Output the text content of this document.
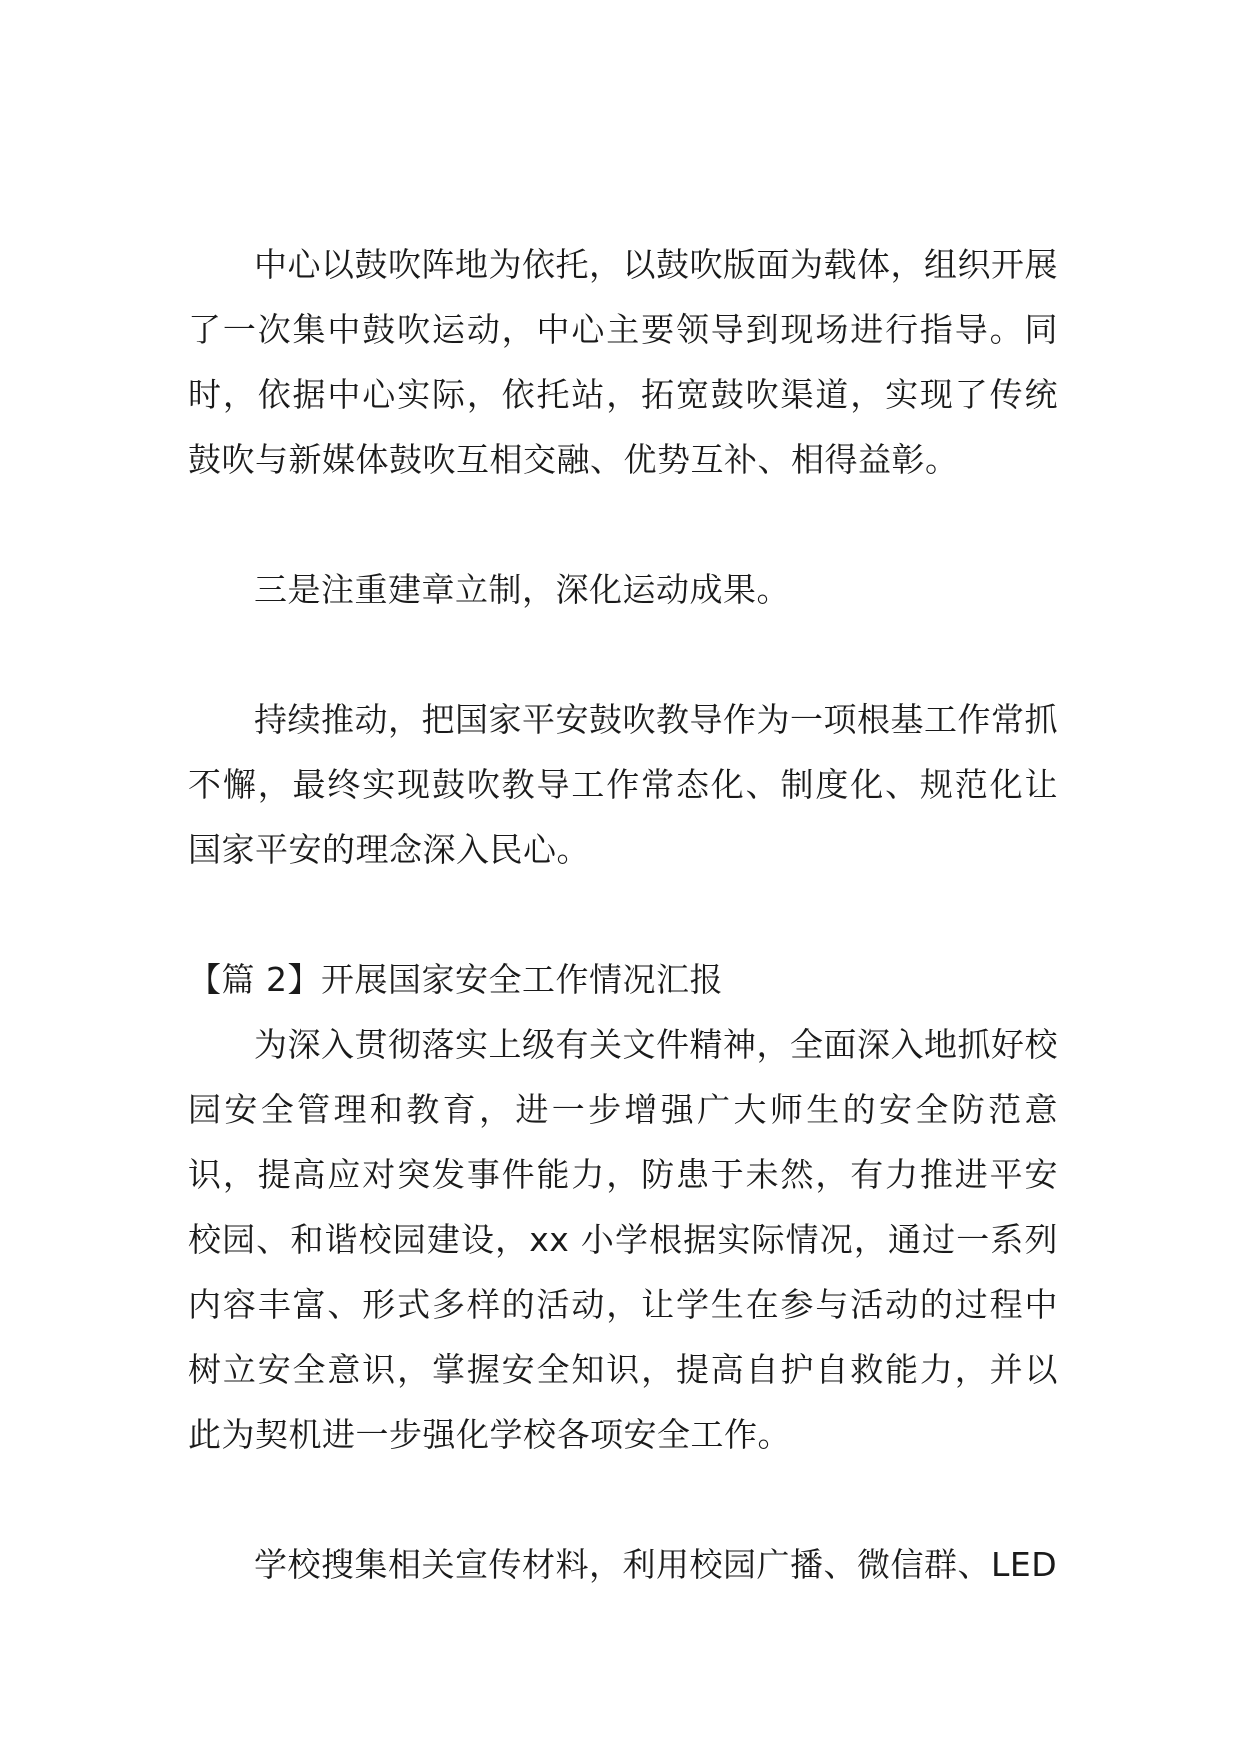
中心以鼓吹阵地为依托，以鼓吹版面为载体，组织开展了一次集中鼓吹运动，中心主要领导到现场进行指导。同时，依据中心实际，依托站，拓宽鼓吹渠道，实现了传统鼓吹与新媒体鼓吹互相交融、优势互补、相得益彰。

三是注重建章立制，深化运动成果。

持续推动，把国家平安鼓吹教导作为一项根基工作常抓不懈，最终实现鼓吹教导工作常态化、制度化、规范化让国家平安的理念深入民心。

【篇 2】开展国家安全工作情况汇报

为深入贯彻落实上级有关文件精神，全面深入地抓好校园安全管理和教育，进一步增强广大师生的安全防范意识，提高应对突发事件能力，防患于未然，有力推进平安校园、和谐校园建设，xx 小学根据实际情况，通过一系列内容丰富、形式多样的活动，让学生在参与活动的过程中树立安全意识，掌握安全知识，提高自护自救能力，并以此为契机进一步强化学校各项安全工作。

学校搜集相关宣传材料，利用校园广播、微信群、LED
